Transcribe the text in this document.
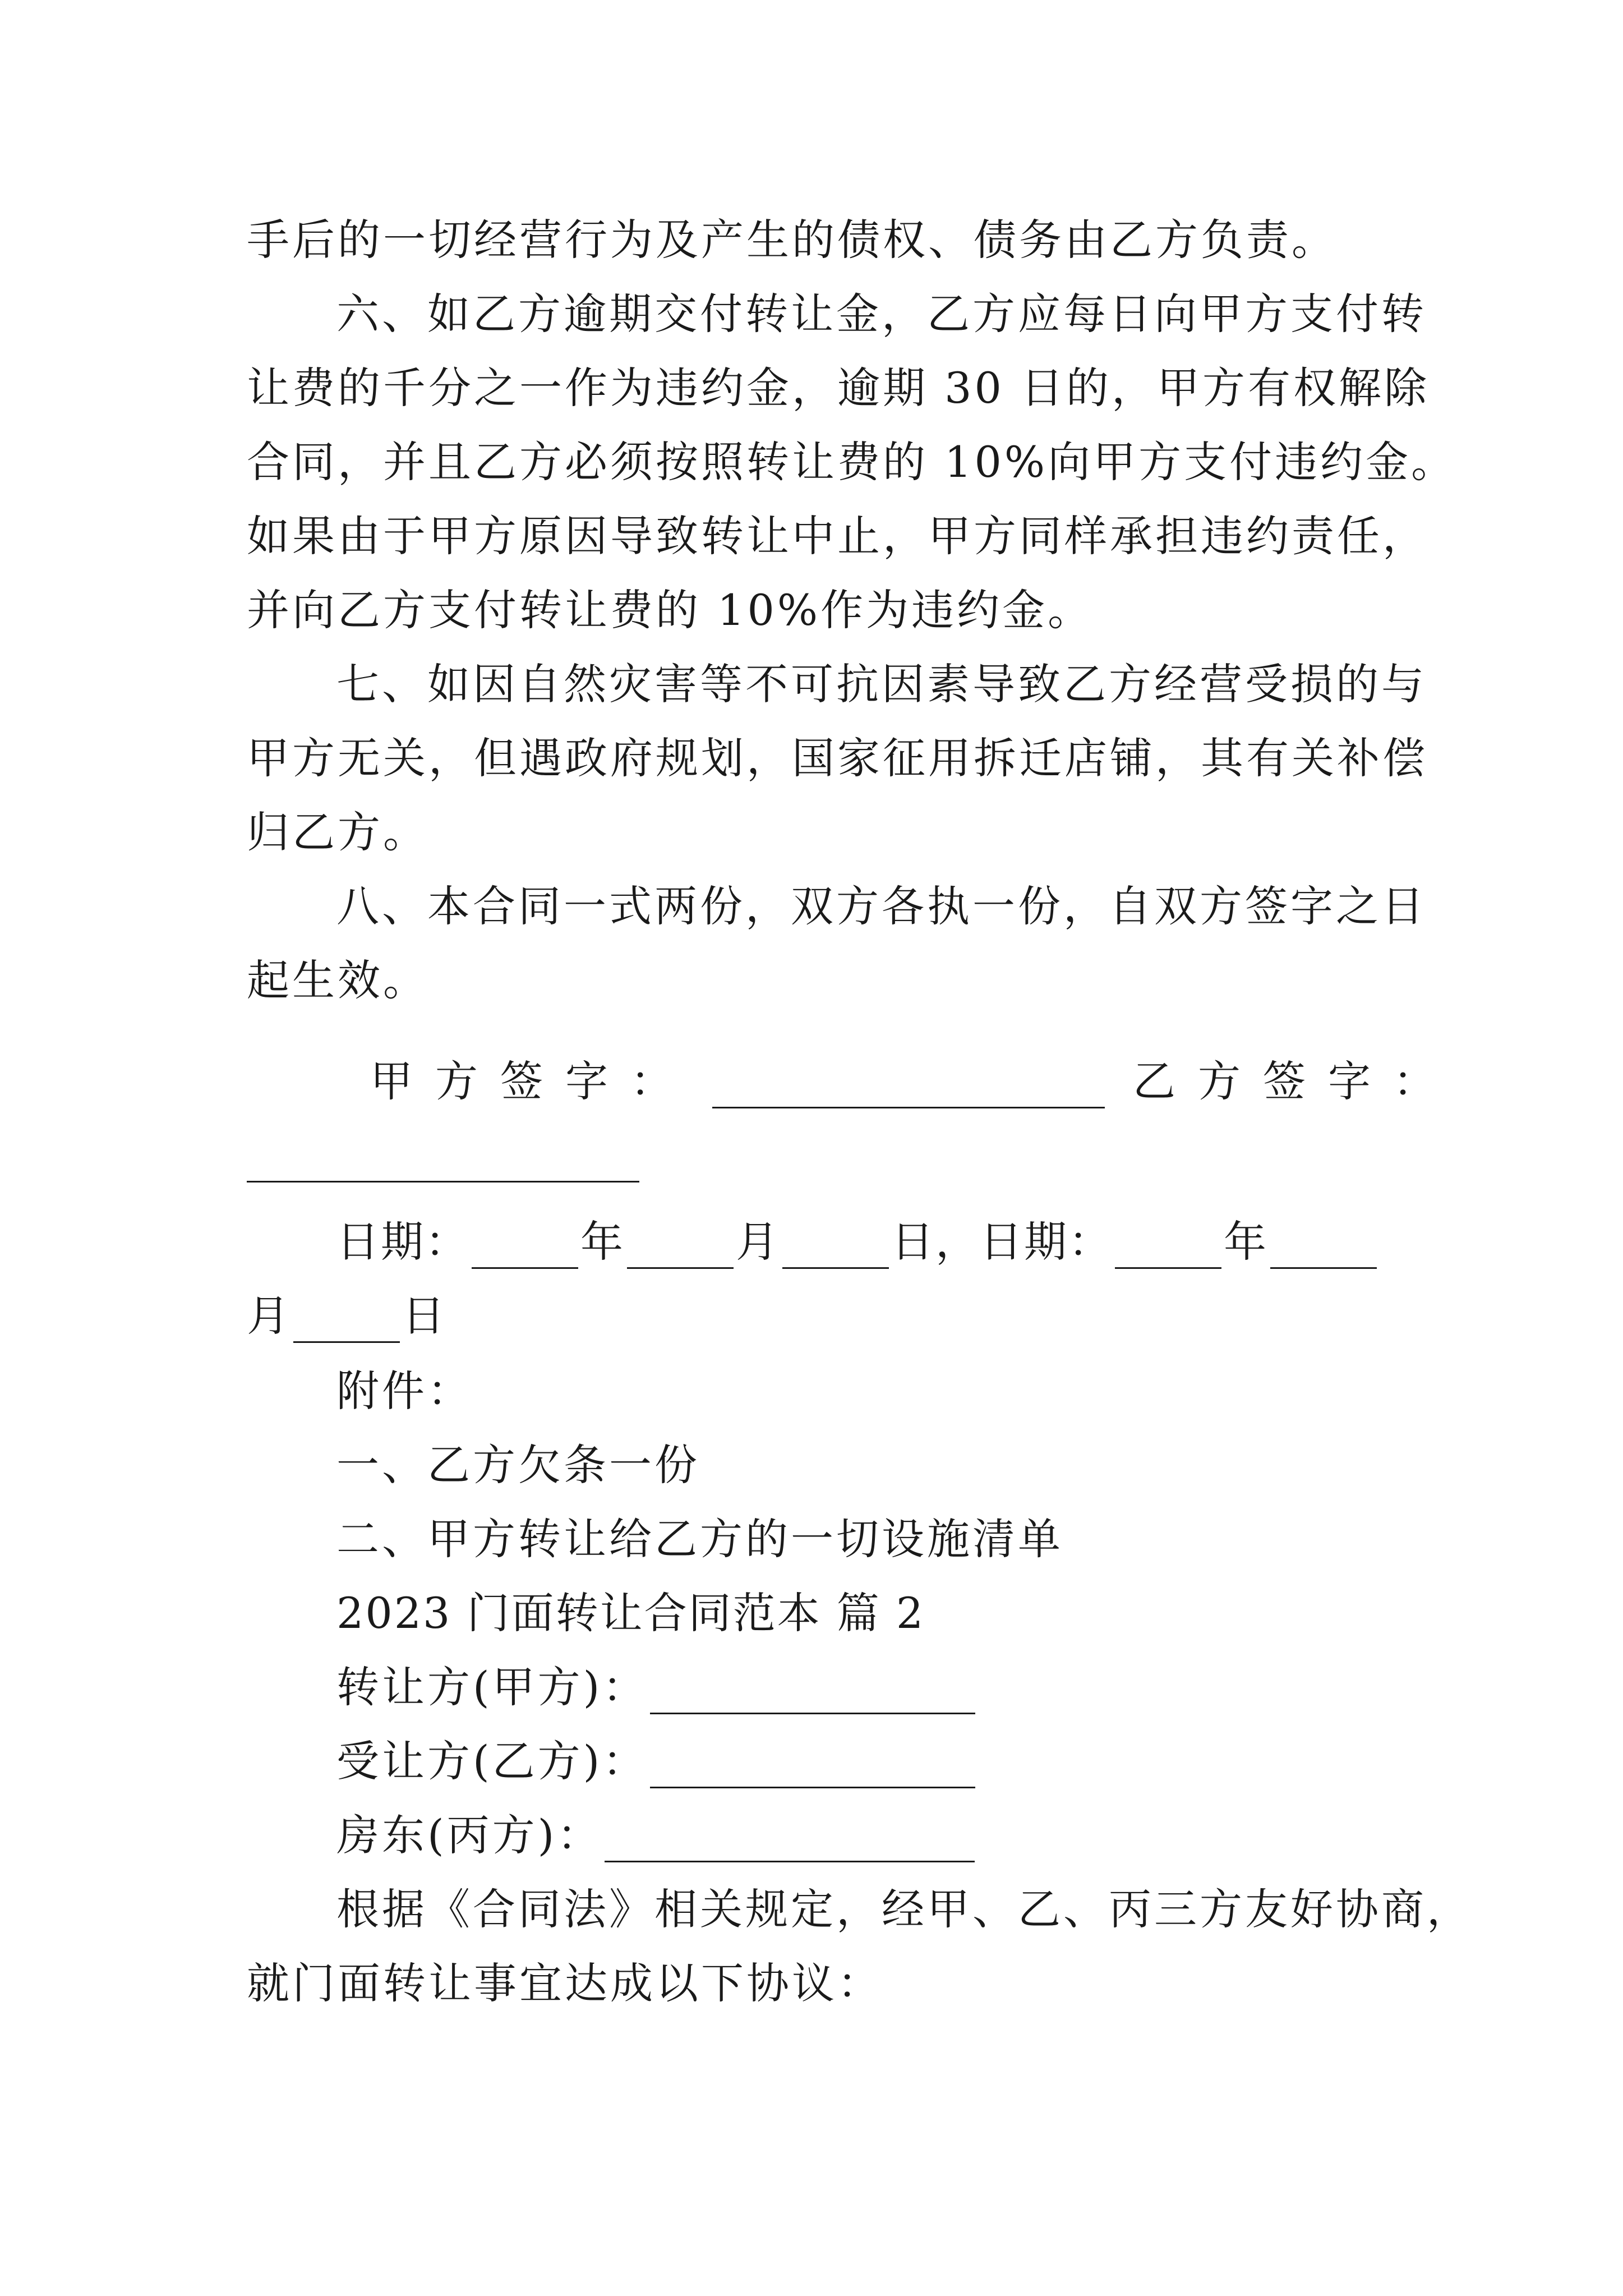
手后的一切经营行为及产生的债权、债务由乙方负责。
六、如乙方逾期交付转让金，乙方应每日向甲方支付转
让费的千分之一作为违约金，逾期 30 日的，甲方有权解除
合同，并且乙方必须按照转让费的 10%向甲方支付违约金。
如果由于甲方原因导致转让中止，甲方同样承担违约责任，
并向乙方支付转让费的 10%作为违约金。
七、如因自然灾害等不可抗因素导致乙方经营受损的与
甲方无关，但遇政府规划，国家征用拆迁店铺，其有关补偿
归乙方。
八、本合同一式两份，双方各执一份，自双方签字之日
起生效。
甲方签字：	乙方签字：
日期：	年	月	日，日期：	年
月	日
附件：
一、乙方欠条一份
二、甲方转让给乙方的一切设施清单
2023 门面转让合同范本 篇 2
转让方(甲方)：
受让方(乙方)：
房东(丙方)：
根据《合同法》相关规定，经甲、乙、丙三方友好协商，
就门面转让事宜达成以下协议：
